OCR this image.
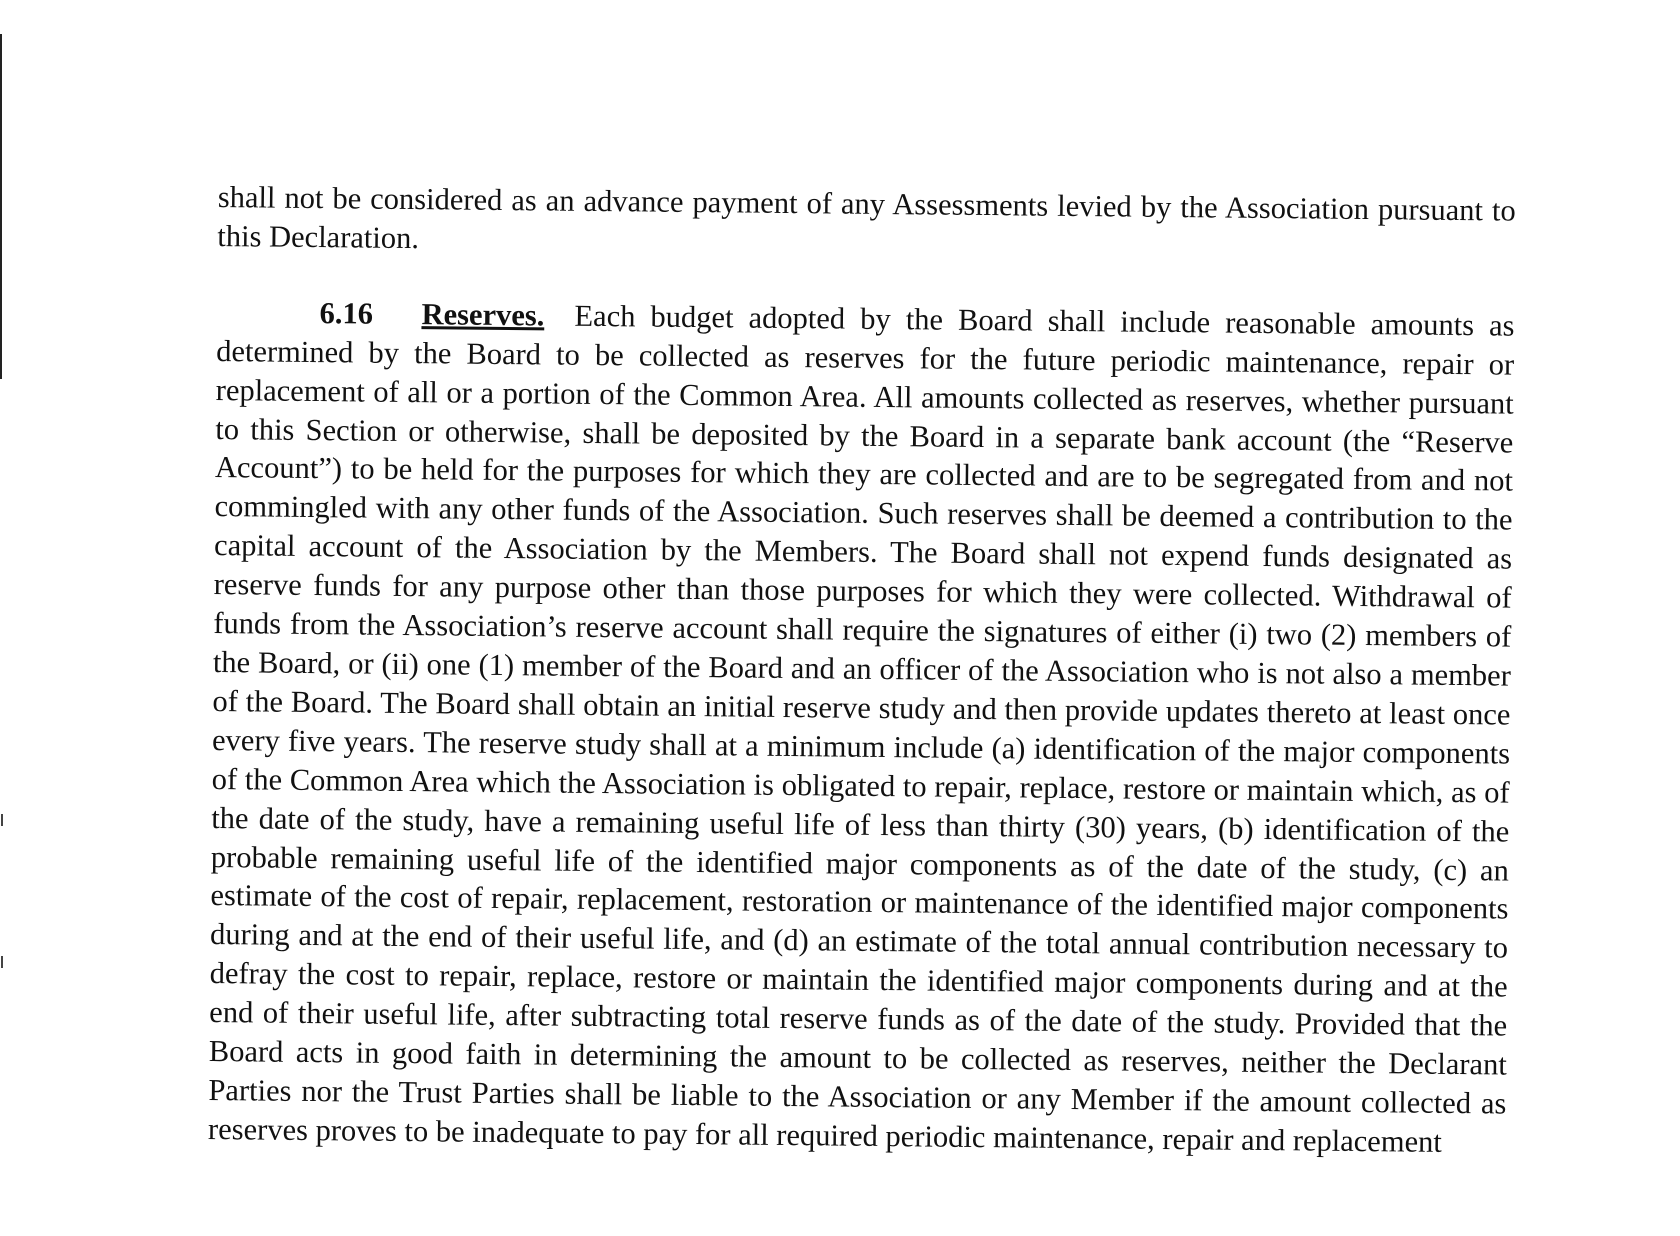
shall not be considered as an advance payment of any Assessments levied by the Association pursuant to this Declaration.

6.16 Reserves. Each budget adopted by the Board shall include reasonable amounts as determined by the Board to be collected as reserves for the future periodic maintenance, repair or replacement of all or a portion of the Common Area. All amounts collected as reserves, whether pursuant to this Section or otherwise, shall be deposited by the Board in a separate bank account (the “Reserve Account”) to be held for the purposes for which they are collected and are to be segregated from and not commingled with any other funds of the Association. Such reserves shall be deemed a contribution to the capital account of the Association by the Members. The Board shall not expend funds designated as reserve funds for any purpose other than those purposes for which they were collected. Withdrawal of funds from the Association’s reserve account shall require the signatures of either (i) two (2) members of the Board, or (ii) one (1) member of the Board and an officer of the Association who is not also a member of the Board. The Board shall obtain an initial reserve study and then provide updates thereto at least once every five years. The reserve study shall at a minimum include (a) identification of the major components of the Common Area which the Association is obligated to repair, replace, restore or maintain which, as of the date of the study, have a remaining useful life of less than thirty (30) years, (b) identification of the probable remaining useful life of the identified major components as of the date of the study, (c) an estimate of the cost of repair, replacement, restoration or maintenance of the identified major components during and at the end of their useful life, and (d) an estimate of the total annual contribution necessary to defray the cost to repair, replace, restore or maintain the identified major components during and at the end of their useful life, after subtracting total reserve funds as of the date of the study. Provided that the Board acts in good faith in determining the amount to be collected as reserves, neither the Declarant Parties nor the Trust Parties shall be liable to the Association or any Member if the amount collected as reserves proves to be inadequate to pay for all required periodic maintenance, repair and replacement
